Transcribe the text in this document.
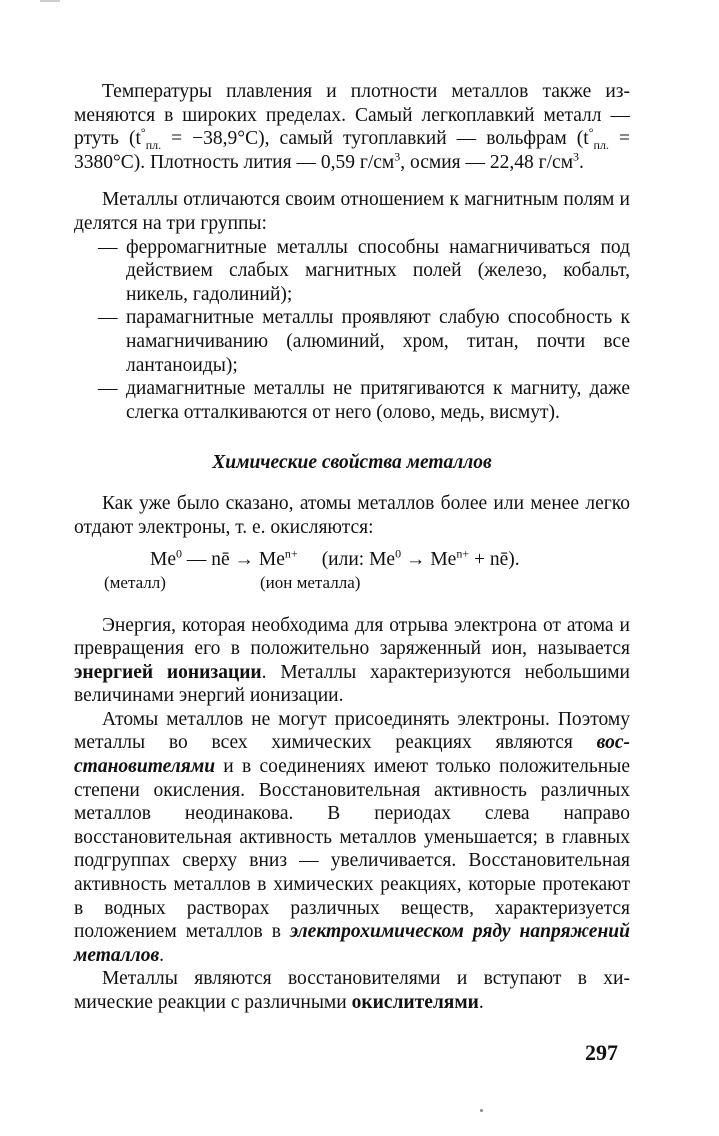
Температуры плавления и плотности металлов также изменяются в широких пределах. Самый легкоплавкий металл — ртуть $(t^\circ_{пл.} = -38,9^\circ С)$, самый тугоплавкий — вольфрам $(t^\circ_{пл.} = 3380^\circ С)$. Плотность лития — 0,59 $г/см^3$, осмия — 22,48 $г/см^3$.

Металлы отличаются своим отношением к магнитным полям и делятся на три группы:

— ферромагнитные металлы способны намагничиваться под действием слабых магнитных полей (железо, кобальт, никель, гадолиний);
— парамагнитные металлы проявляют слабую способность к намагничиванию (алюминий, хром, титан, почти все лантаноиды);
— диамагнитные металлы не притягиваются к магниту, даже слегка отталкиваются от него (олово, медь, висмут).
Химические свойства металлов

Как уже было сказано, атомы металлов более или менее легко отдают электроны, т. е. окисляются:

Me$^0$ — nē → $Me^{n+}$ (или: $Me^0 \to Me^{n+}$ + nē).
(металл)	(ион металла)

Энергия, которая необходима для отрыва электрона от атома и превращения его в положительно заряженный ион, называется энергией ионизации. Металлы характеризуются небольшими величинами энергий ионизации.

Атомы металлов не могут присоединять электроны. Поэтому металлы во всех химических реакциях являются восстановителями и в соединениях имеют только положительные степени окисления. Восстановительная активность различных металлов неодинакова. В периодах слева направо восстановительная активность металлов уменьшается; в главных подгруппах сверху вниз — увеличивается. Восстановительная активность металлов в химических реакциях, которые протекают в водных растворах различных веществ, характеризуется положением металлов в электрохимическом ряду напряжений металлов.

Металлы являются восстановителями и вступают в химические реакции с различными окислителями.

297
